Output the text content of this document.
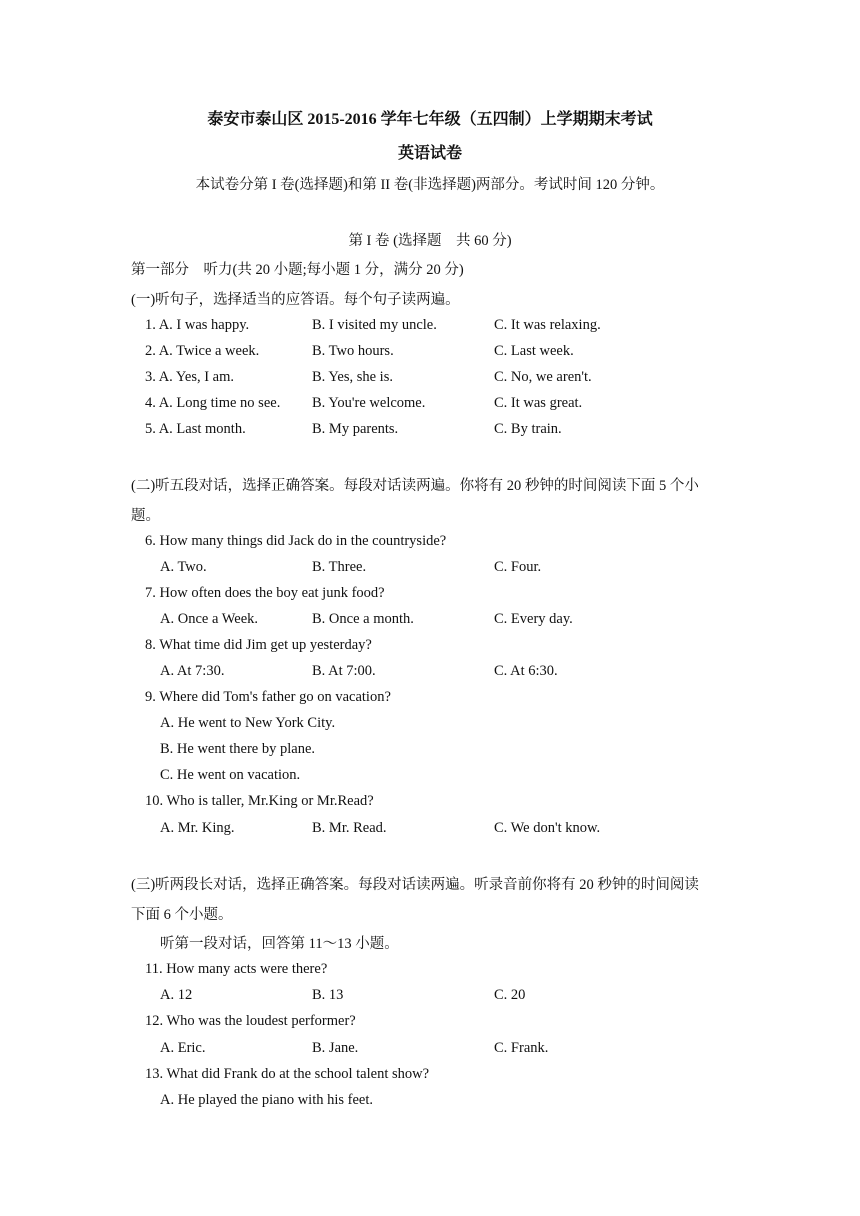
泰安市泰山区 2015-2016 学年七年级（五四制）上学期期末考试
英语试卷
本试卷分第 I 卷(选择题)和第 II 卷(非选择题)两部分。考试时间 120 分钟。
第 I 卷 (选择题　共 60 分)
第一部分　听力(共 20 小题;每小题 1 分，满分 20 分)
(一)听句子，选择适当的应答语。每个句子读两遍。
1. A. I was happy.	B. I visited my uncle.	C. It was relaxing.
2. A. Twice a week.	B. Two hours.	C. Last week.
3. A. Yes, I am.	B. Yes, she is.	C. No, we aren't.
4. A. Long time no see. B. You're welcome.	C. It was great.
5. A. Last month.	B. My parents.	C. By train.
(二)听五段对话，选择正确答案。每段对话读两遍。你将有 20 秒钟的时间阅读下面 5 个小
题。
6. How many things did Jack do in the countryside?
A. Two.	B. Three.	C. Four.
7. How often does the boy eat junk food?
A. Once a Week.	B. Once a month.	C. Every day.
8. What time did Jim get up yesterday?
A. At 7:30.	B. At 7:00.	C. At 6:30.
9. Where did Tom's father go on vacation?
A. He went to New York City.
B. He went there by plane.
C. He went on vacation.
10. Who is taller, Mr.King or Mr.Read?
A. Mr. King.	B. Mr. Read.	C. We don't know.
(三)听两段长对话，选择正确答案。每段对话读两遍。听录音前你将有 20 秒钟的时间阅读
下面 6 个小题。
听第一段对话，回答第 11～13 小题。
11. How many acts were there?
A. 12	B. 13	C. 20
12. Who was the loudest performer?
A. Eric.	B. Jane.	C. Frank.
13. What did Frank do at the school talent show?
A. He played the piano with his feet.
